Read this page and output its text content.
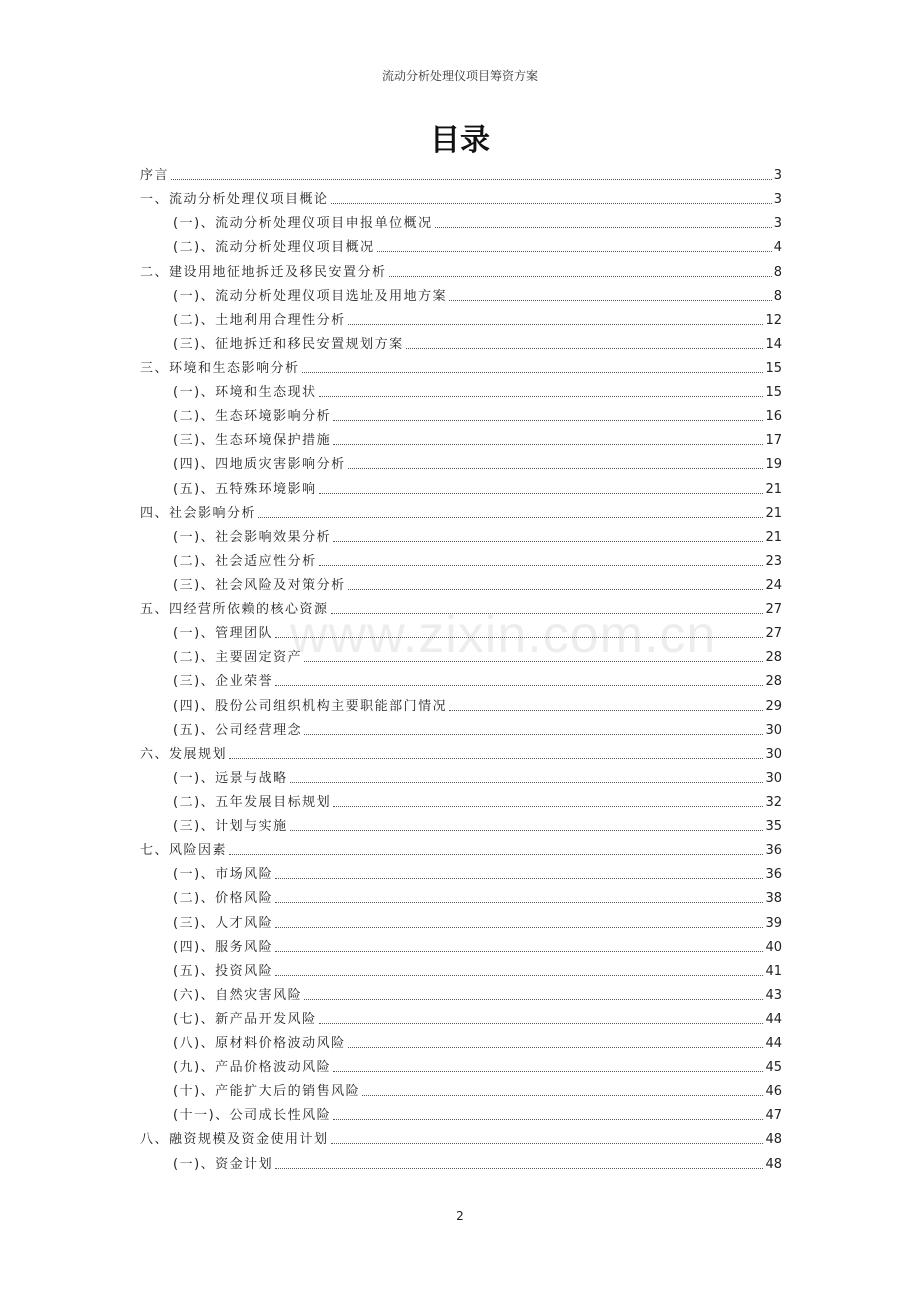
流动分析处理仪项目筹资方案
目录
序言	3
一、流动分析处理仪项目概论	3
(一)、流动分析处理仪项目申报单位概况	3
(二)、流动分析处理仪项目概况	4
二、建设用地征地拆迁及移民安置分析	8
(一)、流动分析处理仪项目选址及用地方案	8
(二)、土地利用合理性分析	12
(三)、征地拆迁和移民安置规划方案	14
三、环境和生态影响分析	15
(一)、环境和生态现状	15
(二)、生态环境影响分析	16
(三)、生态环境保护措施	17
(四)、四地质灾害影响分析	19
(五)、五特殊环境影响	21
四、社会影响分析	21
(一)、社会影响效果分析	21
(二)、社会适应性分析	23
(三)、社会风险及对策分析	24
五、四经营所依赖的核心资源	27
(一)、管理团队	27
(二)、主要固定资产	28
(三)、企业荣誉	28
(四)、股份公司组织机构主要职能部门情况	29
(五)、公司经营理念	30
六、发展规划	30
(一)、远景与战略	30
(二)、五年发展目标规划	32
(三)、计划与实施	35
七、风险因素	36
(一)、市场风险	36
(二)、价格风险	38
(三)、人才风险	39
(四)、服务风险	40
(五)、投资风险	41
(六)、自然灾害风险	43
(七)、新产品开发风险	44
(八)、原材料价格波动风险	44
(九)、产品价格波动风险	45
(十)、产能扩大后的销售风险	46
(十一)、公司成长性风险	47
八、融资规模及资金使用计划	48
(一)、资金计划	48
www.zixin.com.cn
2
